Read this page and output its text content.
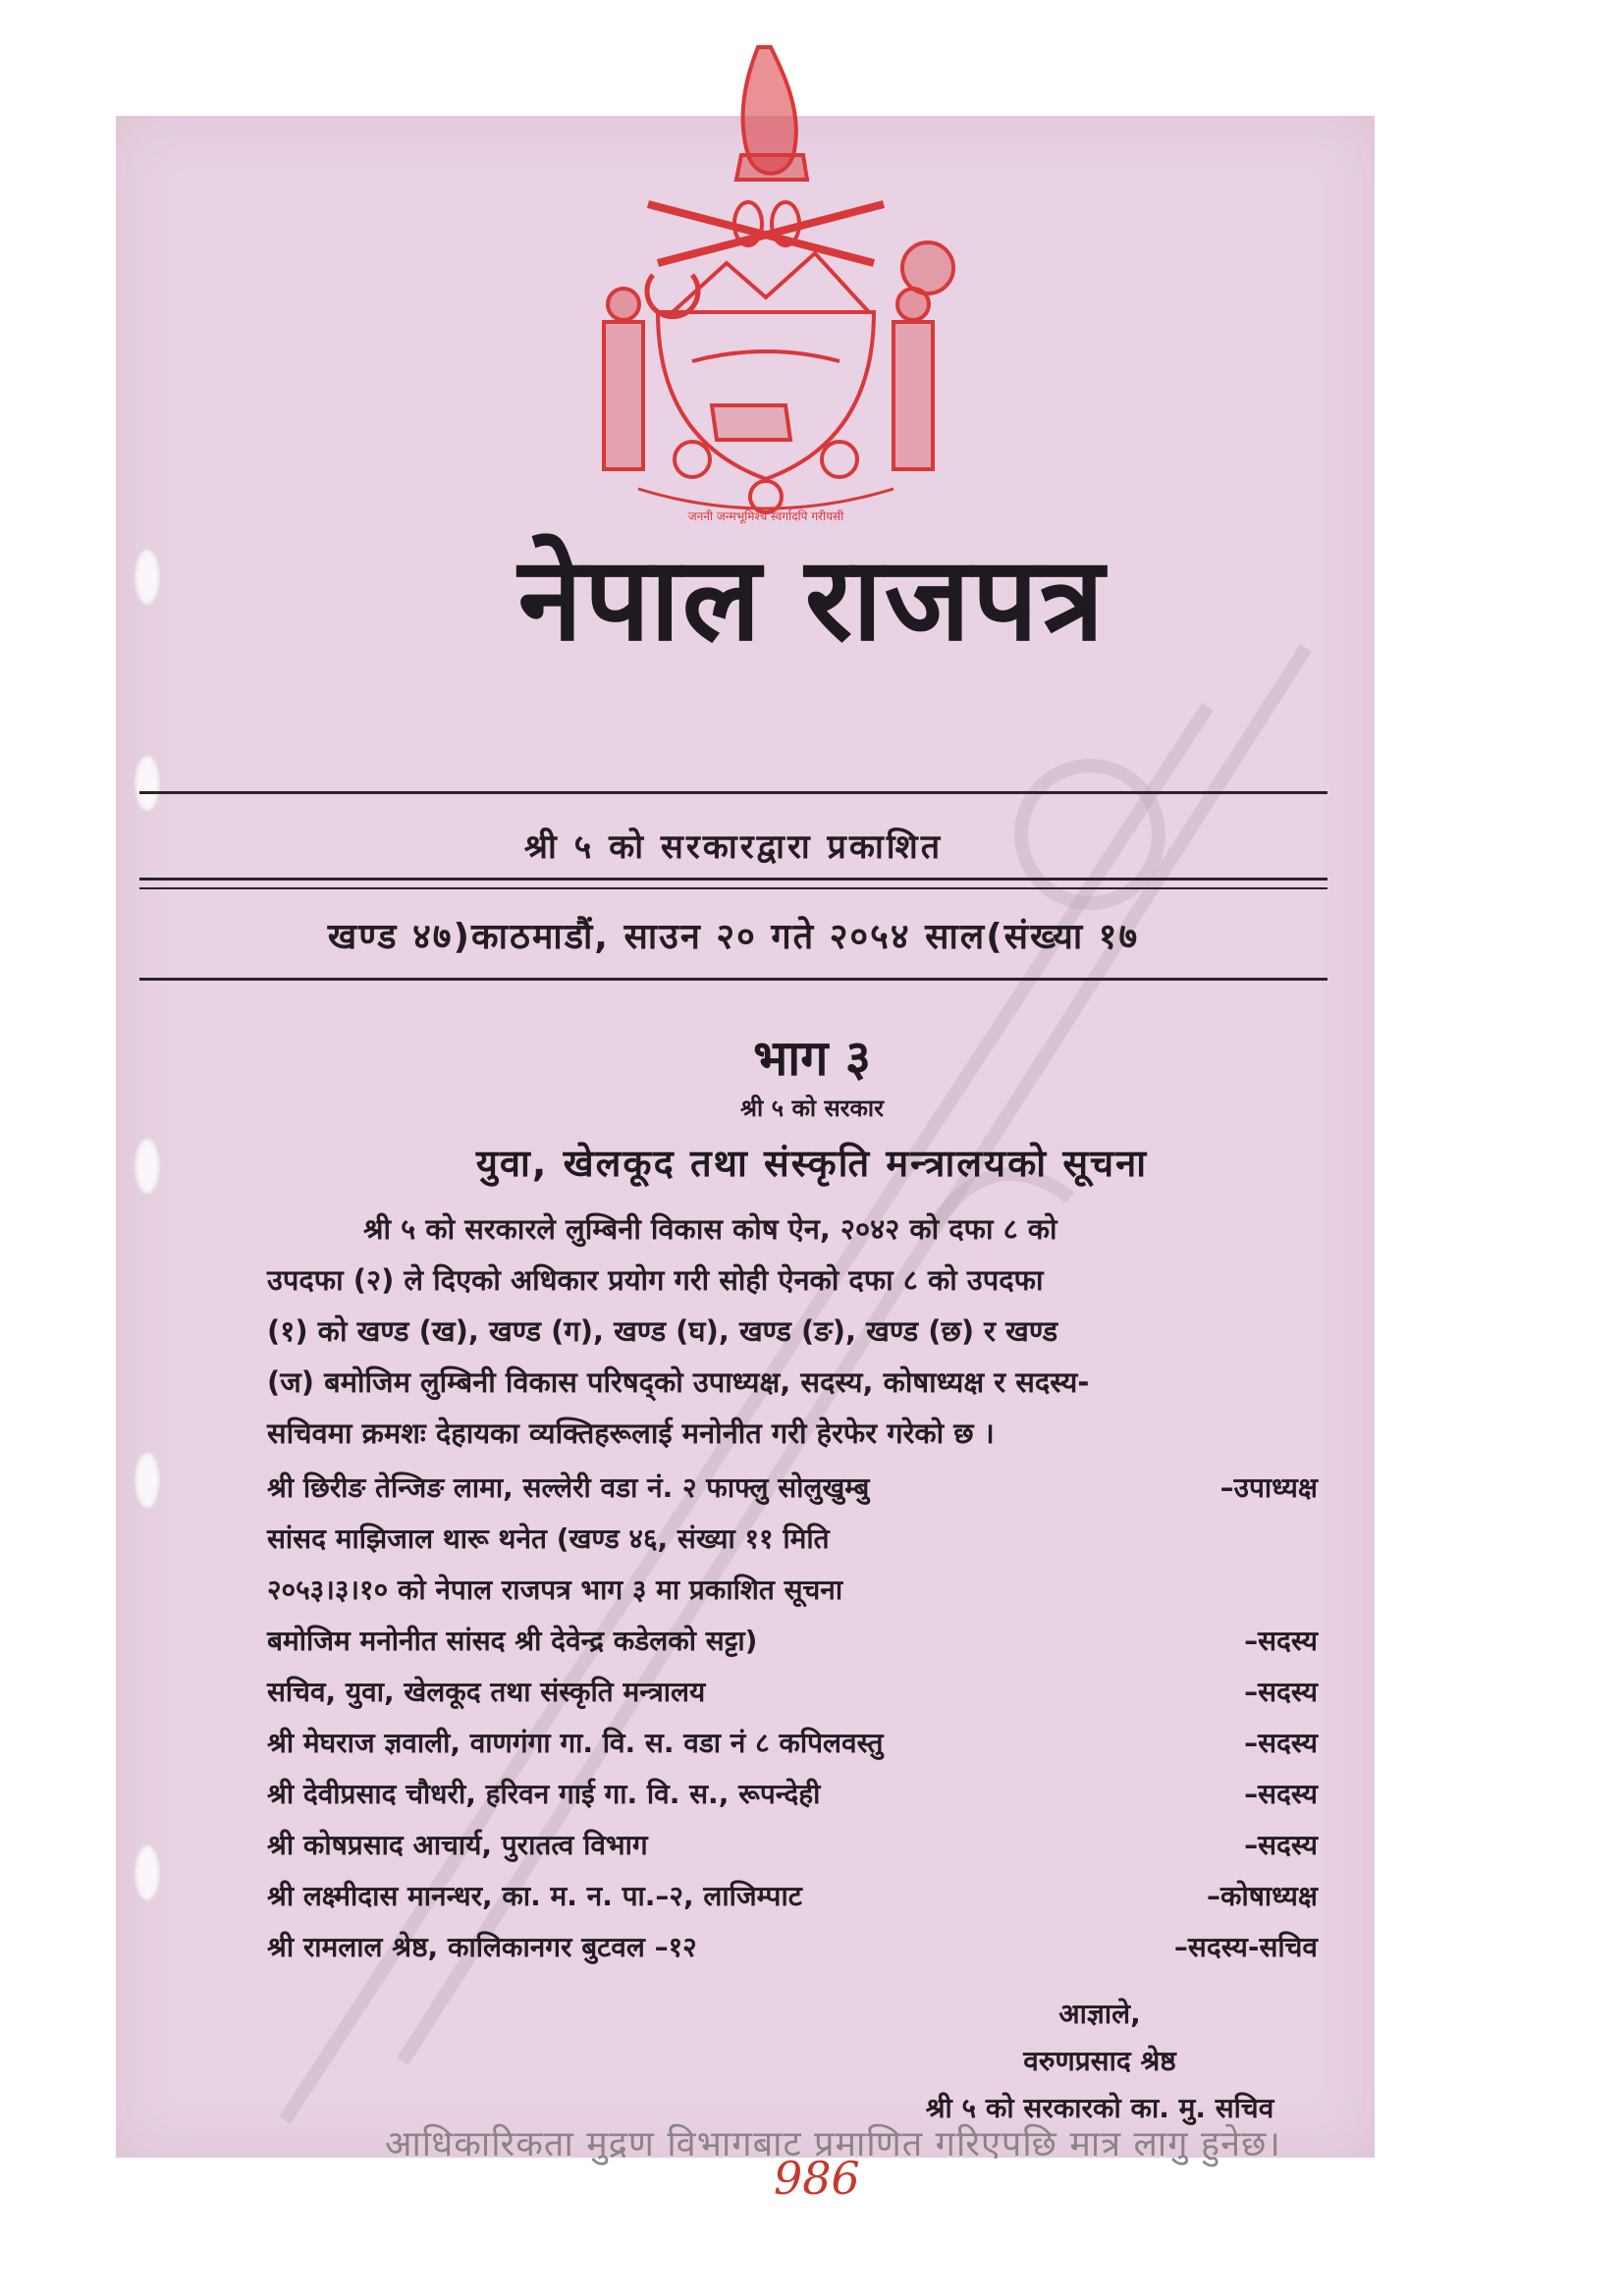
जननी जन्मभूमिश्च स्वर्गादपि गरीयसी
नेपाल राजपत्र
श्री ५ को सरकारद्वारा प्रकाशित
खण्ड ४७)काठमाडौं, साउन २० गते २०५४ साल(संख्या १७
भाग ३
श्री ५ को सरकार
युवा, खेलकूद तथा संस्कृति मन्त्रालयको सूचना
श्री ५ को सरकारले लुम्बिनी विकास कोष ऐन, २०४२ को दफा ८ को
उपदफा (२) ले दिएको अधिकार प्रयोग गरी सोही ऐनको दफा ८ को उपदफा
(१) को खण्ड (ख), खण्ड (ग), खण्ड (घ), खण्ड (ङ), खण्ड (छ) र खण्ड
(ज) बमोजिम लुम्बिनी विकास परिषद्को उपाध्यक्ष, सदस्य, कोषाध्यक्ष र सदस्य-
सचिवमा क्रमशः देहायका व्यक्तिहरूलाई मनोनीत गरी हेरफेर गरेको छ ।
श्री छिरीङ तेन्जिङ लामा, सल्लेरी वडा नं. २ फाफ्लु सोलुखुम्बु	–उपाध्यक्ष
सांसद माझिजाल थारू थनेत (खण्ड ४६, संख्या ११ मिति
२०५३।३।१० को नेपाल राजपत्र भाग ३ मा प्रकाशित सूचना
बमोजिम मनोनीत सांसद श्री देवेन्द्र कडेलको सट्टा)	–सदस्य
सचिव, युवा, खेलकूद तथा संस्कृति मन्त्रालय	–सदस्य
श्री मेघराज ज्ञवाली, वाणगंगा गा. वि. स. वडा नं ८ कपिलवस्तु	–सदस्य
श्री देवीप्रसाद चौधरी, हरिवन गाई गा. वि. स., रूपन्देही	–सदस्य
श्री कोषप्रसाद आचार्य, पुरातत्व विभाग	–सदस्य
श्री लक्ष्मीदास मानन्धर, का. म. न. पा.–२, लाजिम्पाट	–कोषाध्यक्ष
श्री रामलाल श्रेष्ठ, कालिकानगर बुटवल –१२	–सदस्य-सचिव
आज्ञाले,
वरुणप्रसाद श्रेष्ठ
श्री ५ को सरकारको का. मु. सचिव
आधिकारिकता मुद्रण विभागबाट प्रमाणित गरिएपछि मात्र लागु हुनेछ।
986
